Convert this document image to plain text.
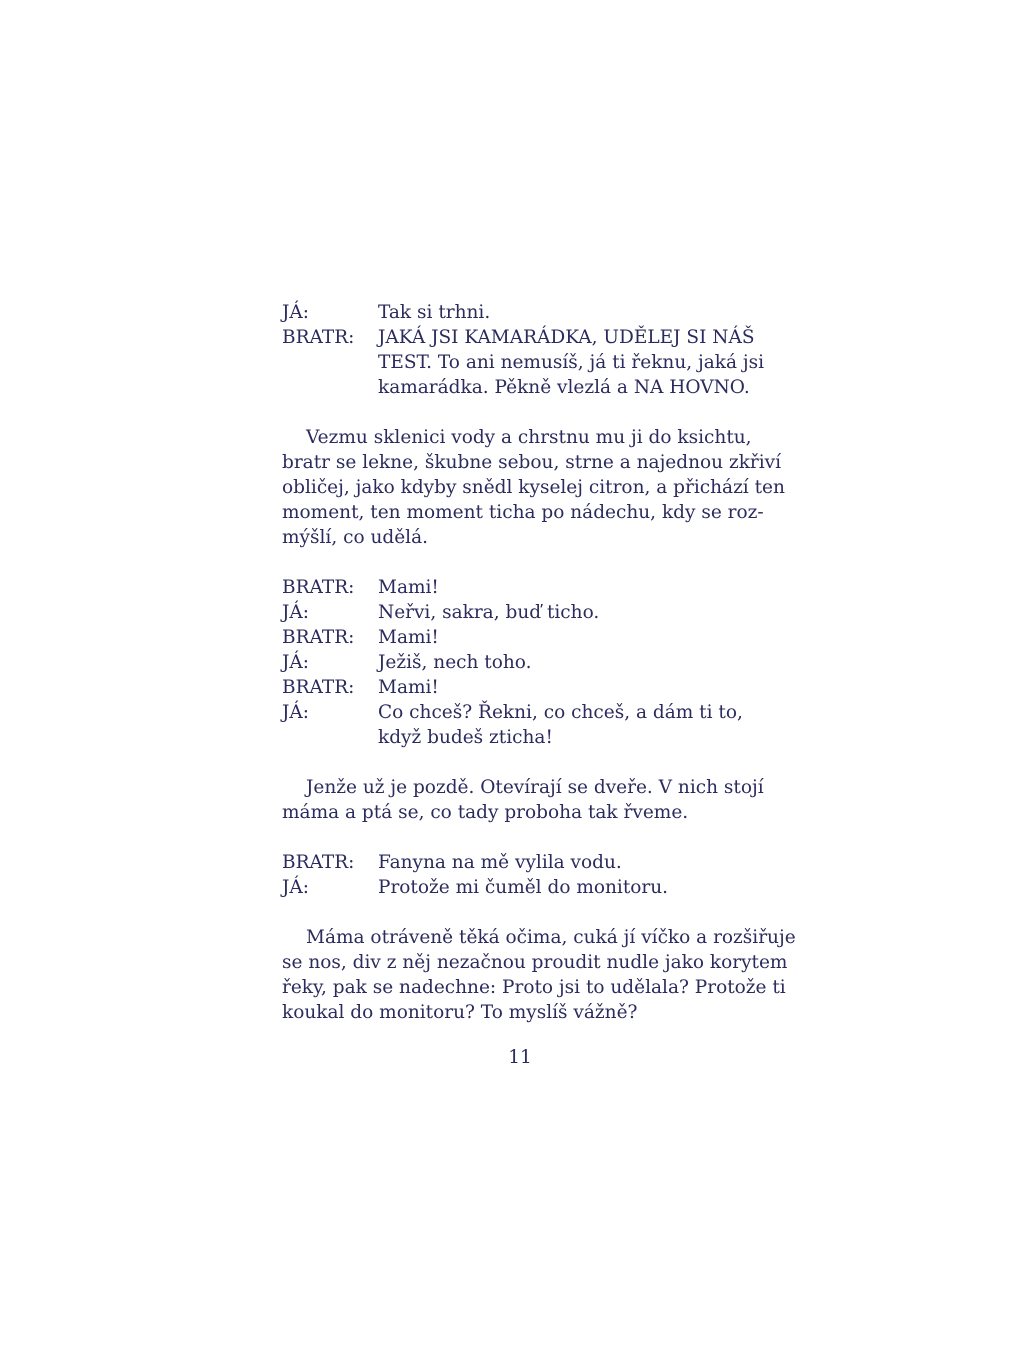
JÁ:	Tak si trhni.
BRATR:	JAKÁ JSI KAMARÁDKA, UDĚLEJ SI NÁŠ
TEST. To ani nemusíš, já ti řeknu, jaká jsi
kamarádka. Pěkně vlezlá a NA HOVNO.
Vezmu sklenici vody a chrstnu mu ji do ksichtu,
bratr se lekne, škubne sebou, strne a najednou zkřiví
obličej, jako kdyby snědl kyselej citron, a přichází ten
moment, ten moment ticha po nádechu, kdy se roz-
mýšlí, co udělá.
BRATR:	Mami!
JÁ:	Neřvi, sakra, buď ticho.
BRATR:	Mami!
JÁ:	Ježiš, nech toho.
BRATR:	Mami!
JÁ:	Co chceš? Řekni, co chceš, a dám ti to,
když budeš zticha!
Jenže už je pozdě. Otevírají se dveře. V nich stojí
máma a ptá se, co tady proboha tak řveme.
BRATR:	Fanyna na mě vylila vodu.
JÁ:	Protože mi čuměl do monitoru.
Máma otráveně těká očima, cuká jí víčko a rozšiřuje
se nos, div z něj nezačnou proudit nudle jako korytem
řeky, pak se nadechne: Proto jsi to udělala? Protože ti
koukal do monitoru? To myslíš vážně?
11
